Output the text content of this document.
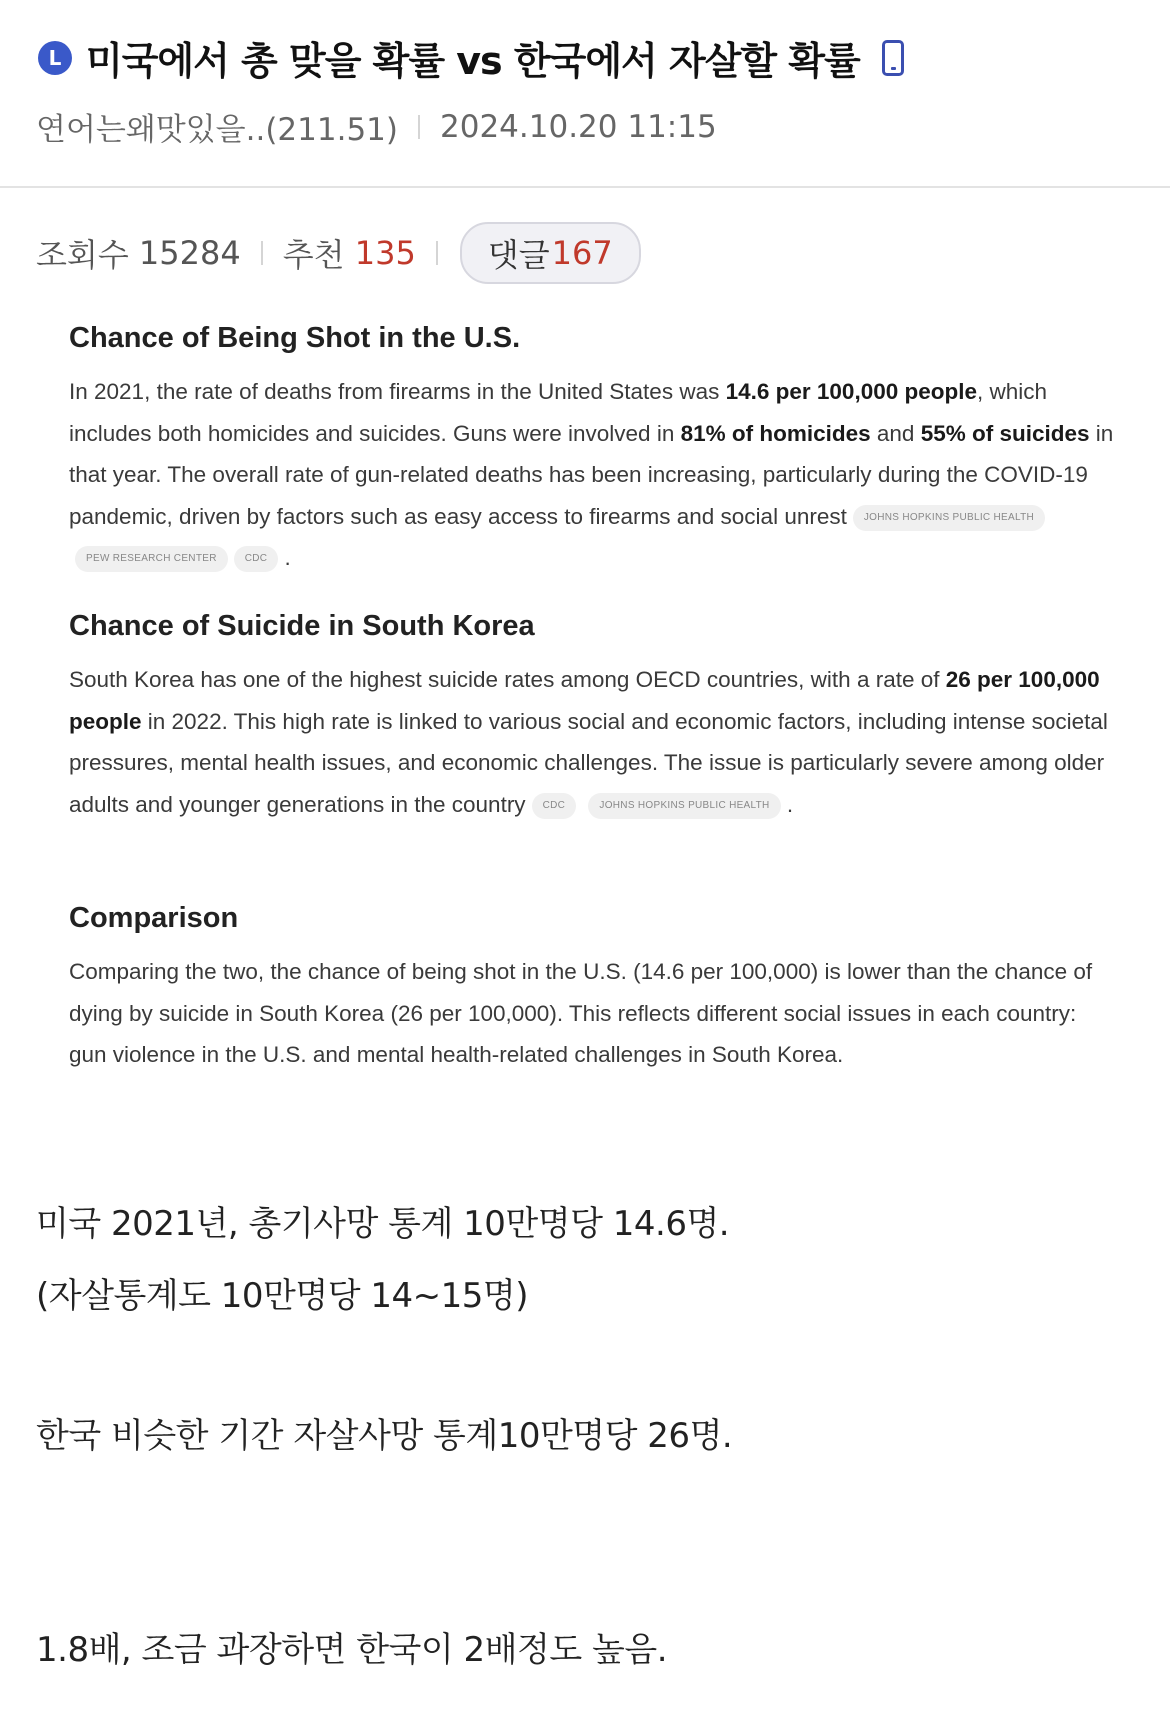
L 미국에서 총 맞을 확률 vs 한국에서 자살할 확률
연어는왜맛있을..(211.51) 2024.10.20 11:15
조회수
15284 추천
135 댓글 167
Chance of Being Shot in the U.S.

In 2021, the rate of deaths from firearms in the United States was 14.6 per 100,000 people, which includes both homicides and suicides. Guns were involved in 81% of homicides and 55% of suicides in that year. The overall rate of gun-related deaths has been increasing, particularly during the COVID-19 pandemic, driven by factors such as easy access to firearms and social unrest JOHNS HOPKINS PUBLIC HEALTHPEW RESEARCH CENTER	CDC .

Chance of Suicide in South Korea

South Korea has one of the highest suicide rates among OECD countries, with a rate of 26 per 100,000 people in 2022. This high rate is linked to various social and economic factors, including intense societal pressures, mental health issues, and economic challenges. The issue is particularly severe among older adults and younger generations in the country CDC	JOHNS HOPKINS PUBLIC HEALTH .

Comparison

Comparing the two, the chance of being shot in the U.S. (14.6 per 100,000) is lower than the chance of dying by suicide in South Korea (26 per 100,000). This reflects different social issues in each country: gun violence in the U.S. and mental health-related challenges in South Korea.

미국 2021년, 총기사망 통계 10만명당 14.6명.
(자살통계도 10만명당 14~15명)
한국 비슷한 기간 자살사망 통계10만명당 26명.
1.8배, 조금 과장하면 한국이 2배정도 높음.
